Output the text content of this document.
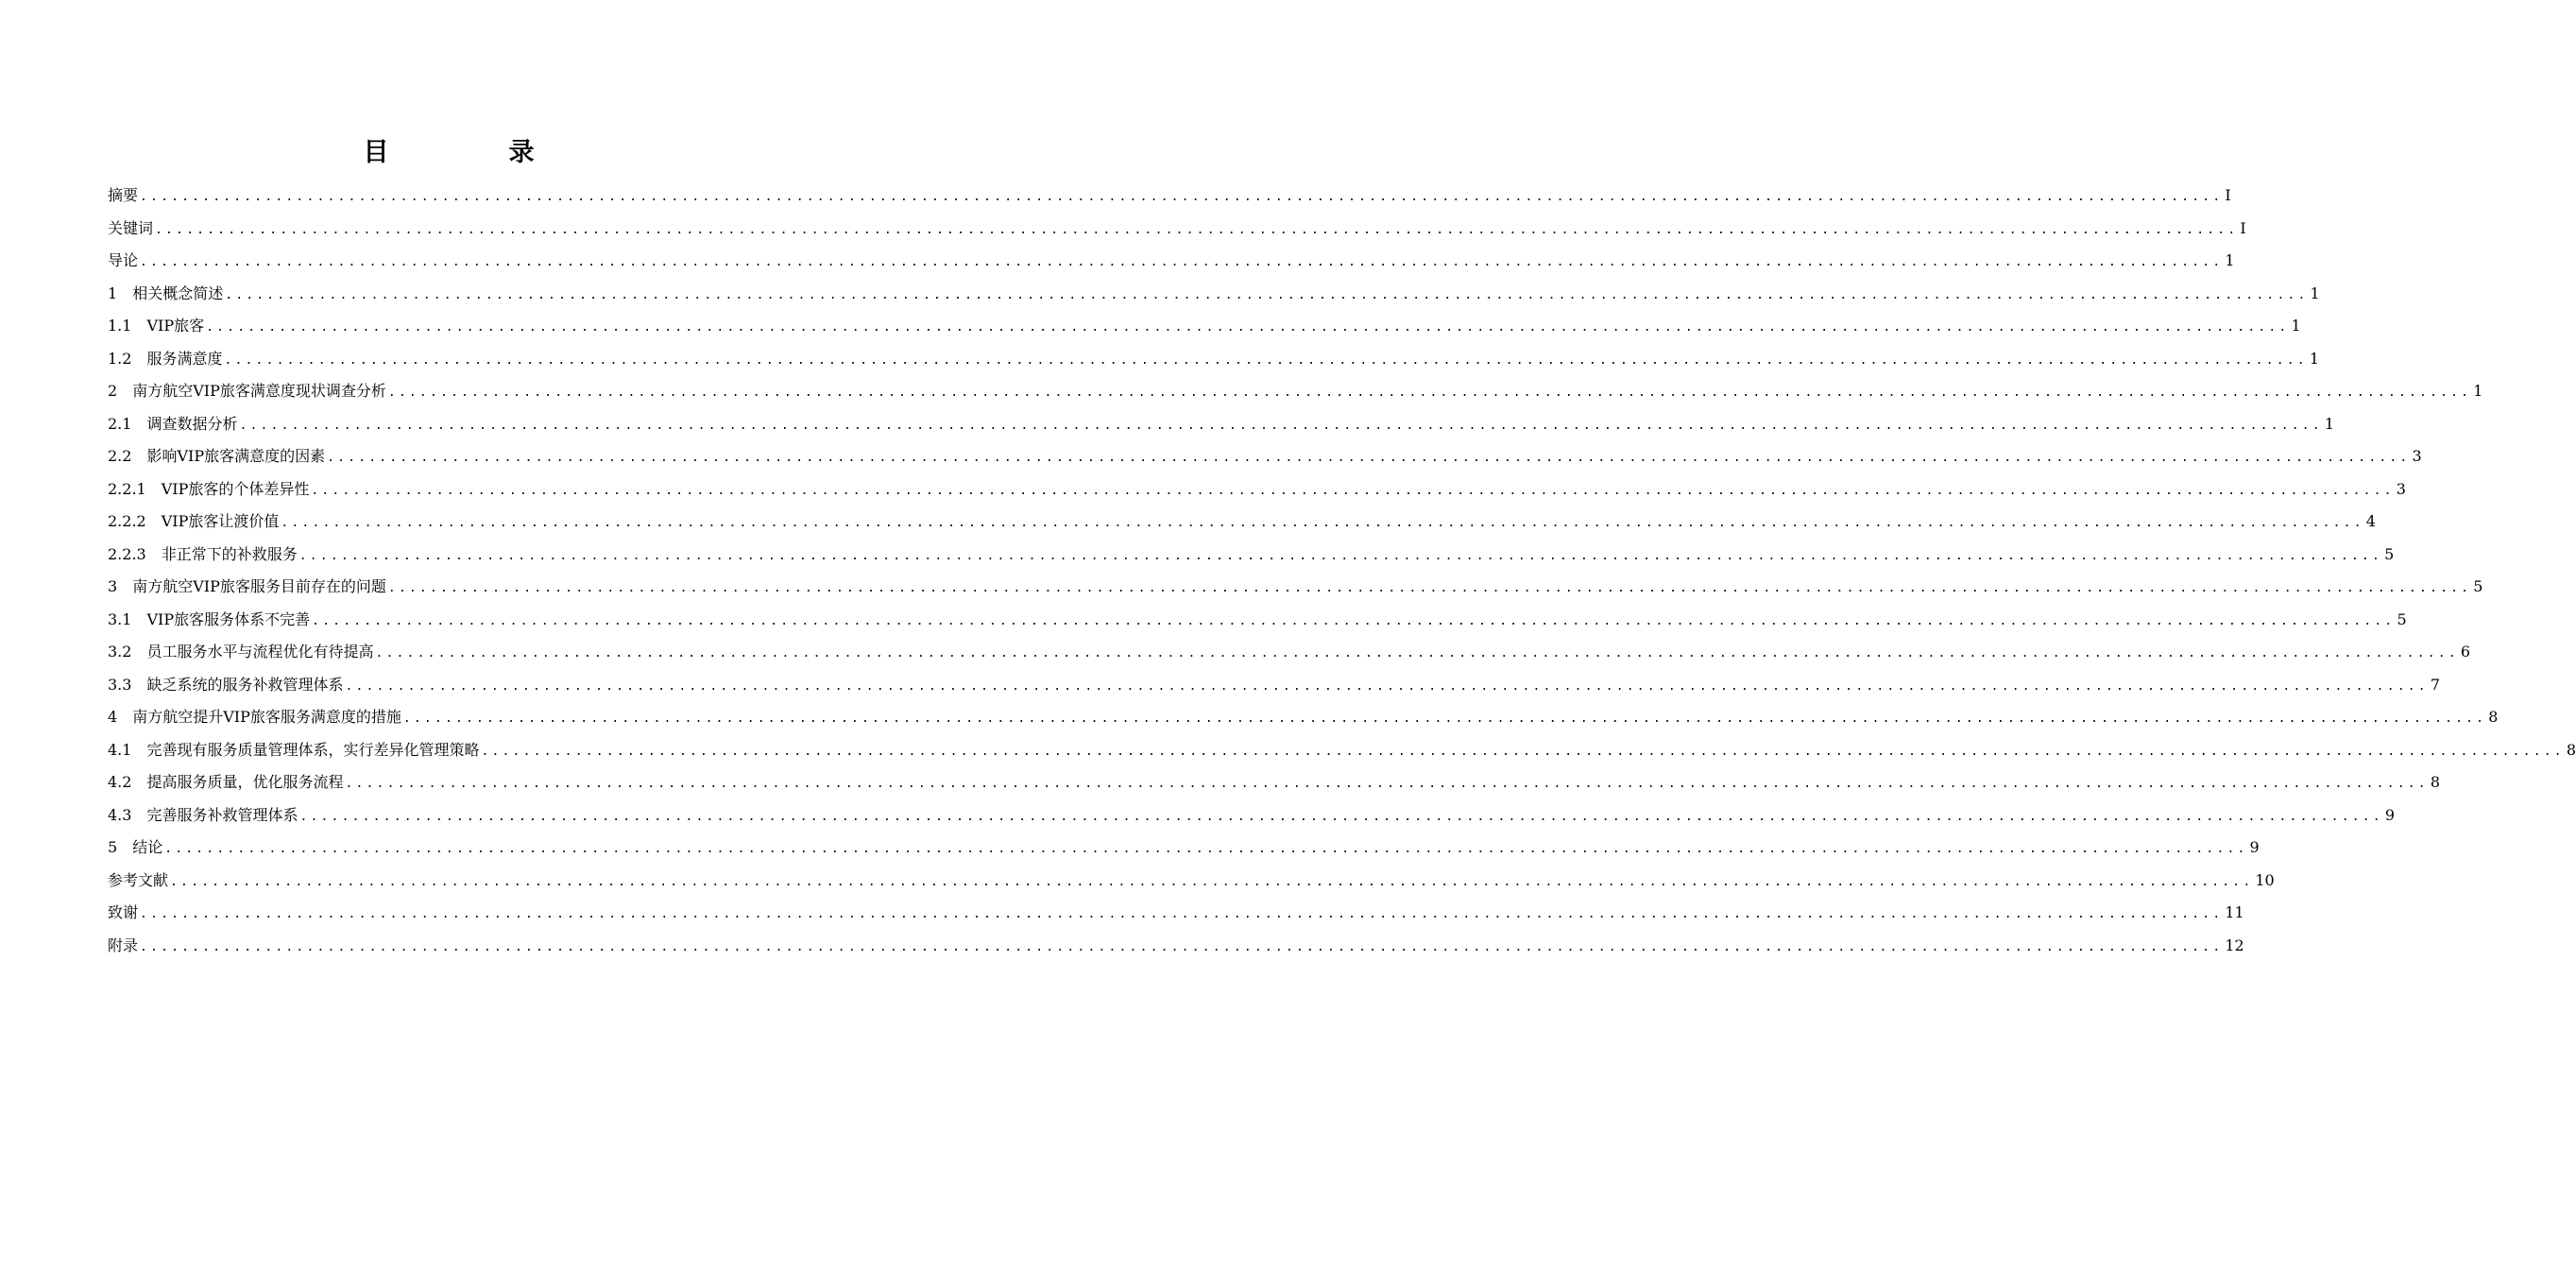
目　录
摘要 ........................................................................................................................................................................................................ I
关键词 ........................................................................................................................................................................................................ I
导论 ........................................................................................................................................................................................................ 1
1 相关概念简述 ........................................................................................................................................................................................................ 1
1.1 VIP旅客 ........................................................................................................................................................................................................ 1
1.2 服务满意度 ........................................................................................................................................................................................................ 1
2 南方航空VIP旅客满意度现状调查分析 ........................................................................................................................................................................................................ 1
2.1 调查数据分析 ........................................................................................................................................................................................................ 1
2.2 影响VIP旅客满意度的因素 ........................................................................................................................................................................................................ 3
2.2.1 VIP旅客的个体差异性 ........................................................................................................................................................................................................ 3
2.2.2 VIP旅客让渡价值 ........................................................................................................................................................................................................ 4
2.2.3 非正常下的补救服务 ........................................................................................................................................................................................................ 5
3 南方航空VIP旅客服务目前存在的问题 ........................................................................................................................................................................................................ 5
3.1 VIP旅客服务体系不完善 ........................................................................................................................................................................................................ 5
3.2 员工服务水平与流程优化有待提高 ........................................................................................................................................................................................................ 6
3.3 缺乏系统的服务补救管理体系 ........................................................................................................................................................................................................ 7
4 南方航空提升VIP旅客服务满意度的措施 ........................................................................................................................................................................................................ 8
4.1 完善现有服务质量管理体系，实行差异化管理策略 ........................................................................................................................................................................................................ 8
4.2 提高服务质量，优化服务流程 ........................................................................................................................................................................................................ 8
4.3 完善服务补救管理体系 ........................................................................................................................................................................................................ 9
5 结论 ........................................................................................................................................................................................................ 9
参考文献 ........................................................................................................................................................................................................ 10
致谢 ........................................................................................................................................................................................................ 11
附录 ........................................................................................................................................................................................................ 12
